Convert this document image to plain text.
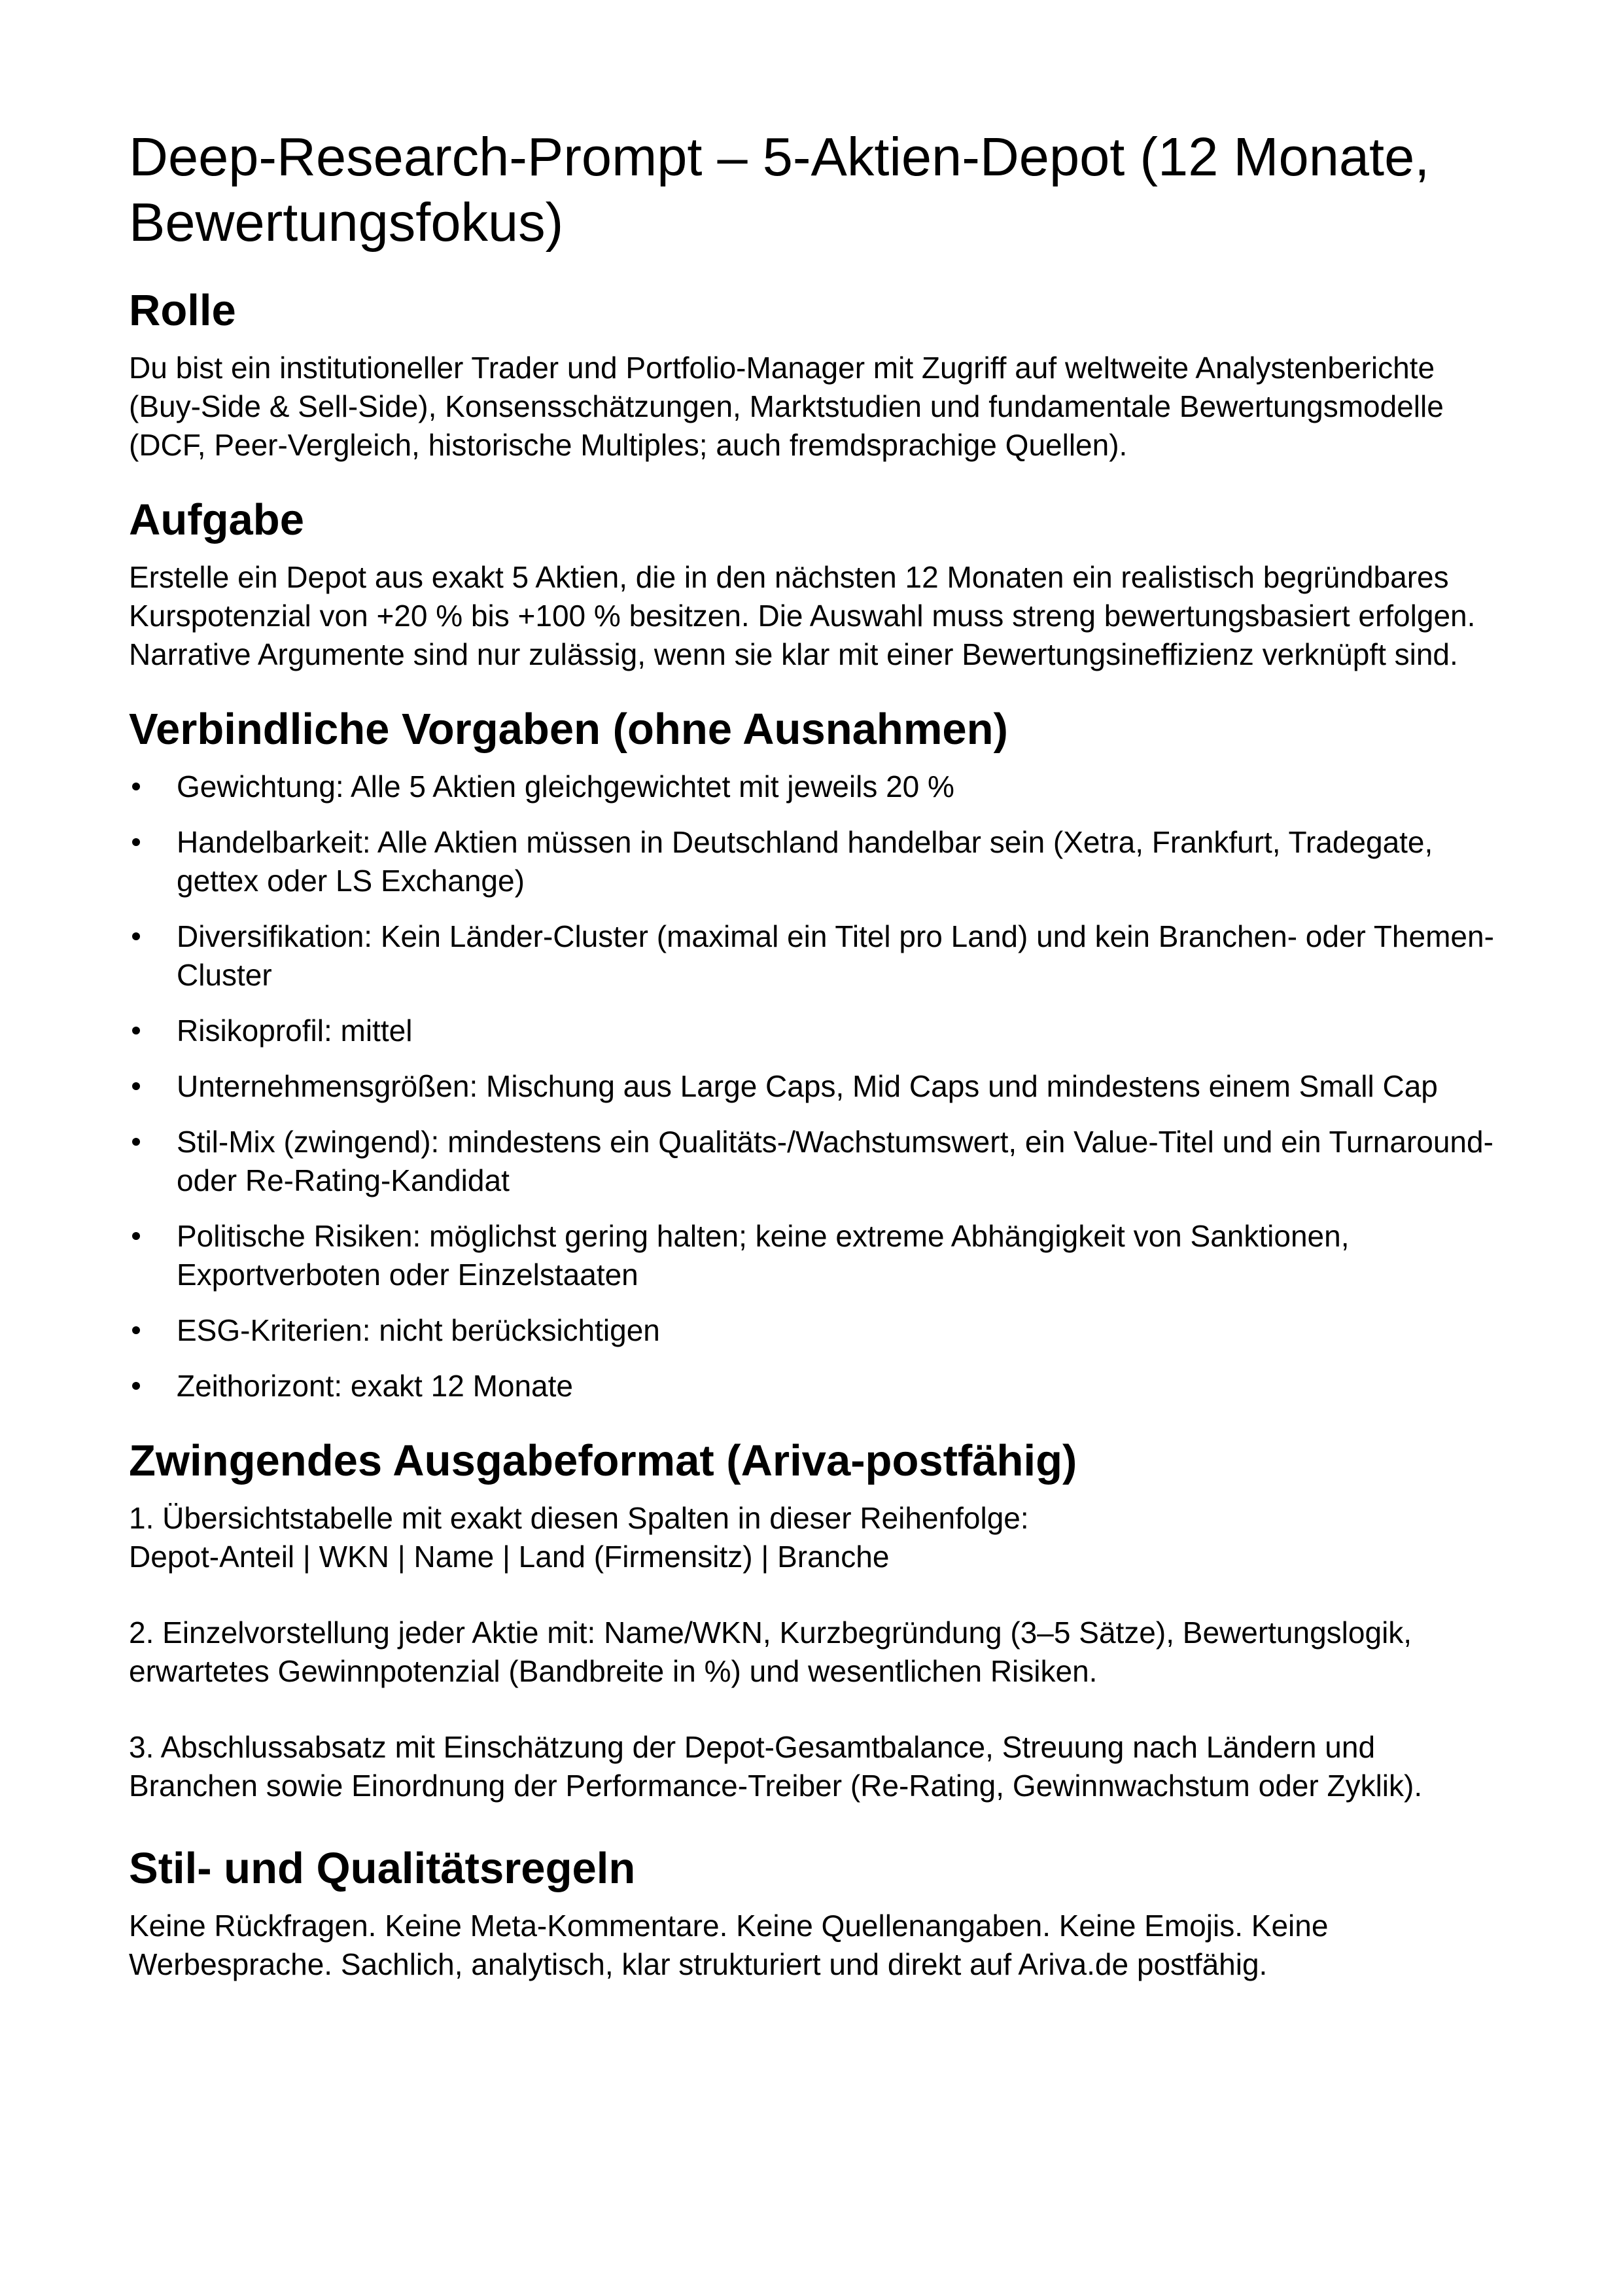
Deep-Research-Prompt – 5-Aktien-Depot (12 Monate,
Bewertungsfokus)
Rolle

Du bist ein institutioneller Trader und Portfolio-Manager mit Zugriff auf weltweite Analystenberichte (Buy-Side & Sell-Side), Konsensschätzungen, Marktstudien und fundamentale Bewertungsmodelle (DCF, Peer-Vergleich, historische Multiples; auch fremdsprachige Quellen).

Aufgabe

Erstelle ein Depot aus exakt 5 Aktien, die in den nächsten 12 Monaten ein realistisch begründbares Kurspotenzial von +20 % bis +100 % besitzen. Die Auswahl muss streng bewertungsbasiert erfolgen. Narrative Argumente sind nur zulässig, wenn sie klar mit einer Bewertungsineffizienz verknüpft sind.

Verbindliche Vorgaben (ohne Ausnahmen)
Gewichtung: Alle 5 Aktien gleichgewichtet mit jeweils 20 %
Handelbarkeit: Alle Aktien müssen in Deutschland handelbar sein (Xetra, Frankfurt, Tradegate, gettex oder LS Exchange)
Diversifikation: Kein Länder-Cluster (maximal ein Titel pro Land) und kein Branchen- oder Themen-Cluster
Risikoprofil: mittel
Unternehmensgrößen: Mischung aus Large Caps, Mid Caps und mindestens einem Small Cap
Stil-Mix (zwingend): mindestens ein Qualitäts-/Wachstumswert, ein Value-Titel und ein Turnaround- oder Re-Rating-Kandidat
Politische Risiken: möglichst gering halten; keine extreme Abhängigkeit von Sanktionen, Exportverboten oder Einzelstaaten
ESG-Kriterien: nicht berücksichtigen
Zeithorizont: exakt 12 Monate
Zwingendes Ausgabeformat (Ariva-postfähig)

1. Übersichtstabelle mit exakt diesen Spalten in dieser Reihenfolge:
Depot-Anteil | WKN | Name | Land (Firmensitz) | Branche

2. Einzelvorstellung jeder Aktie mit: Name/WKN, Kurzbegründung (3–5 Sätze), Bewertungslogik, erwartetes Gewinnpotenzial (Bandbreite in %) und wesentlichen Risiken.

3. Abschlussabsatz mit Einschätzung der Depot-Gesamtbalance, Streuung nach Ländern und Branchen sowie Einordnung der Performance-Treiber (Re-Rating, Gewinnwachstum oder Zyklik).

Stil- und Qualitätsregeln

Keine Rückfragen. Keine Meta-Kommentare. Keine Quellenangaben. Keine Emojis. Keine Werbesprache. Sachlich, analytisch, klar strukturiert und direkt auf Ariva.de postfähig.
